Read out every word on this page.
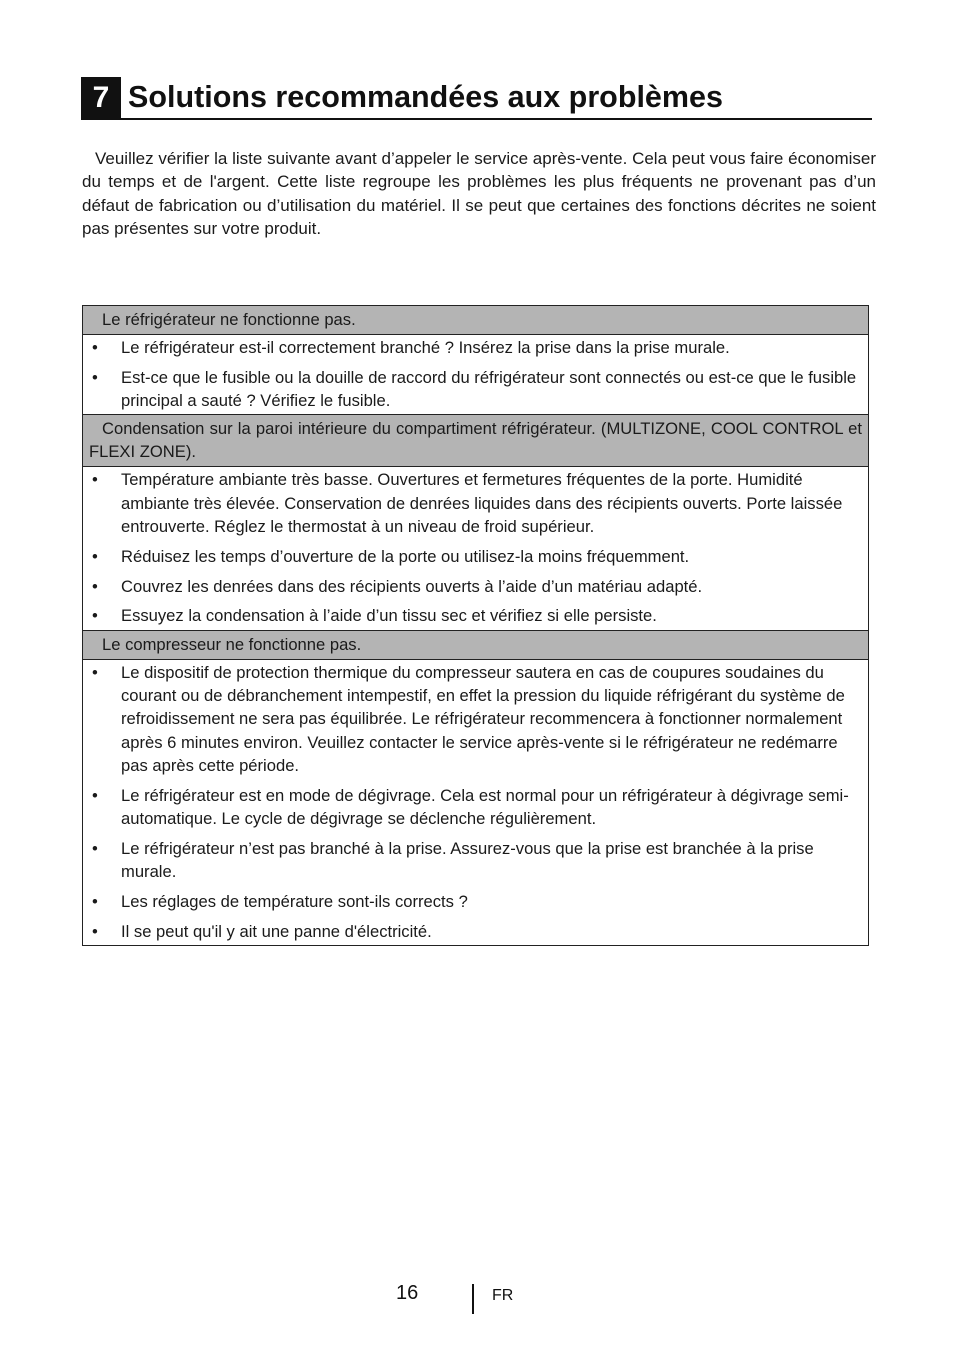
7 Solutions recommandées aux problèmes

Veuillez vérifier la liste suivante avant d’appeler le service après-vente. Cela peut vous faire économiser du temps et de l'argent. Cette liste regroupe les problèmes les plus fréquents ne provenant pas d’un défaut de fabrication ou d’utilisation du matériel. Il se peut que certaines des fonctions décrites ne soient pas présentes sur votre produit.

Le réfrigérateur ne fonctionne pas.
• Le réfrigérateur est-il correctement branché ? Insérez la prise dans la prise murale.
• Est-ce que le fusible ou la douille de raccord du réfrigérateur sont connectés ou est-ce que le fusible principal a sauté ? Vérifiez le fusible.
Condensation sur la paroi intérieure du compartiment réfrigérateur. (MULTIZONE, COOL CONTROL et FLEXI ZONE).
• Température ambiante très basse. Ouvertures et fermetures fréquentes de la porte. Humidité ambiante très élevée. Conservation de denrées liquides dans des récipients ouverts. Porte laissée entrouverte. Réglez le thermostat à un niveau de froid supérieur.
• Réduisez les temps d’ouverture de la porte ou utilisez-la moins fréquemment.
• Couvrez les denrées dans des récipients ouverts à l’aide d’un matériau adapté.
• Essuyez la condensation à l’aide d’un tissu sec et vérifiez si elle persiste.
Le compresseur ne fonctionne pas.
• Le dispositif de protection thermique du compresseur sautera en cas de coupures soudaines du courant ou de débranchement intempestif, en effet la pression du liquide réfrigérant du système de refroidissement ne sera pas équilibrée. Le réfrigérateur recommencera à fonctionner normalement après 6 minutes environ. Veuillez contacter le service après-vente si le réfrigérateur ne redémarre pas après cette période.
• Le réfrigérateur est en mode de dégivrage. Cela est normal pour un réfrigérateur à dégivrage semi-automatique. Le cycle de dégivrage se déclenche régulièrement.
• Le réfrigérateur n’est pas branché à la prise. Assurez-vous que la prise est branchée à la prise murale.
• Les réglages de température sont-ils corrects ?
• Il se peut qu'il y ait une panne d'électricité.
16	FR
